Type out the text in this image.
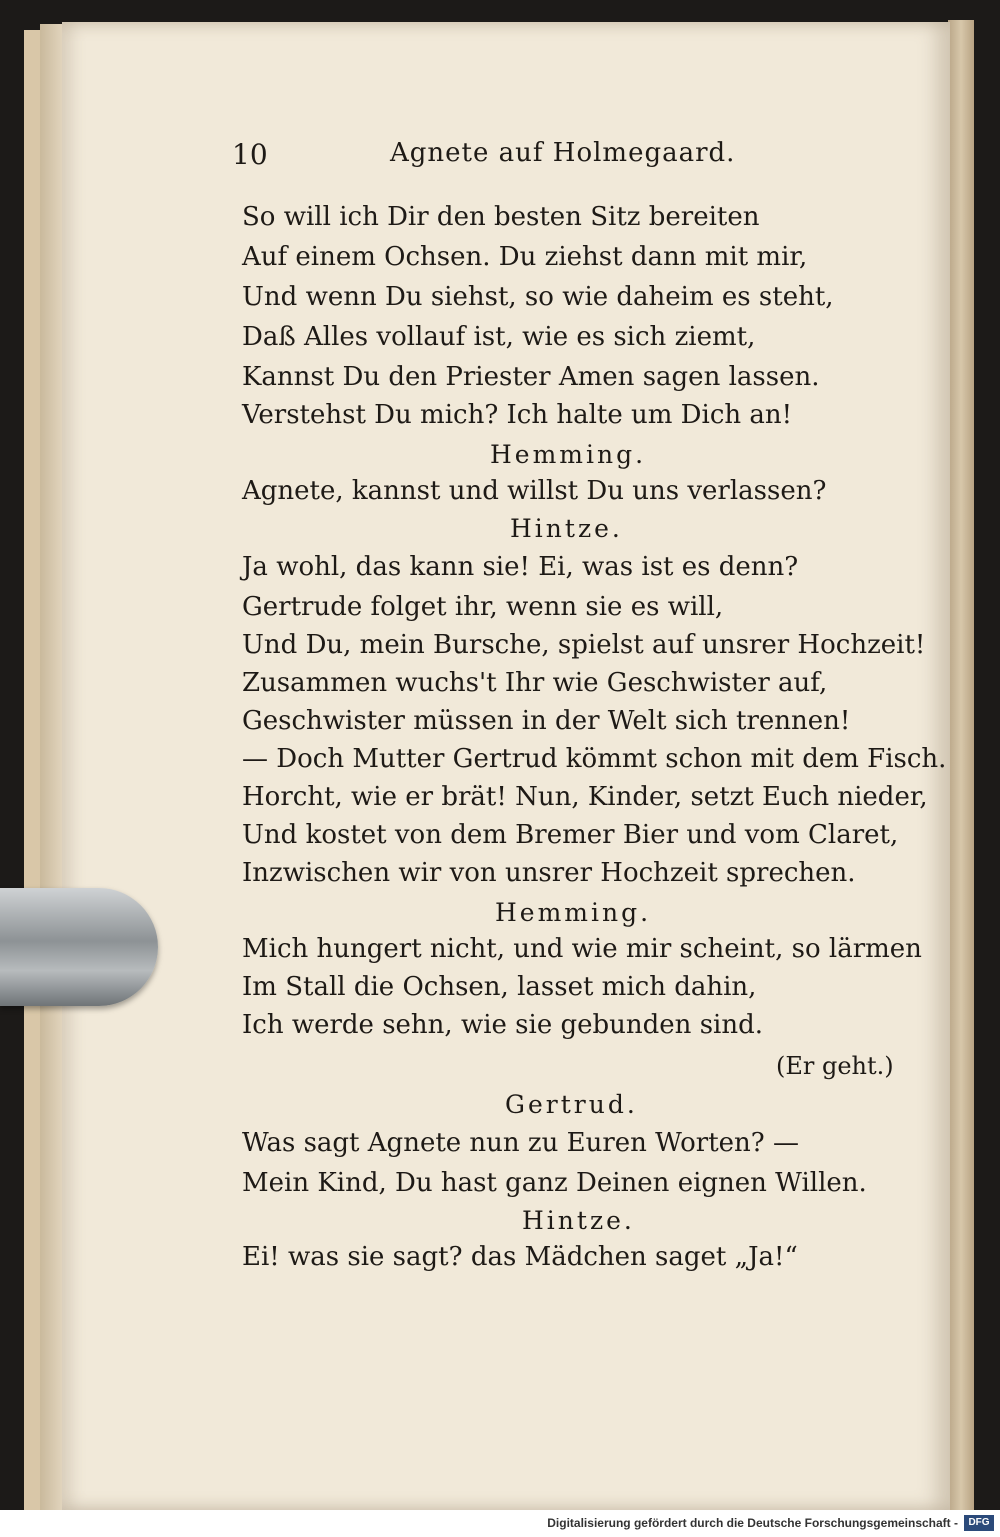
10	Agnete auf Holmegaard.
So will ich Dir den besten Sitz bereiten
Auf einem Ochsen. Du ziehst dann mit mir,
Und wenn Du siehst, so wie daheim es steht,
Daß Alles vollauf ist, wie es sich ziemt,
Kannst Du den Priester Amen sagen lassen.
Verstehst Du mich? Ich halte um Dich an!
Hemming.
Agnete, kannst und willst Du uns verlassen?
Hintze.
Ja wohl, das kann sie! Ei, was ist es denn?
Gertrude folget ihr, wenn sie es will,
Und Du, mein Bursche, spielst auf unsrer Hochzeit!
Zusammen wuchs't Ihr wie Geschwister auf,
Geschwister müssen in der Welt sich trennen!
— Doch Mutter Gertrud kömmt schon mit dem Fisch.
Horcht, wie er brät! Nun, Kinder, setzt Euch nieder,
Und kostet von dem Bremer Bier und vom Claret,
Inzwischen wir von unsrer Hochzeit sprechen.
Hemming.
Mich hungert nicht, und wie mir scheint, so lärmen
Im Stall die Ochsen, lasset mich dahin,
Ich werde sehn, wie sie gebunden sind.
(Er geht.)
Gertrud.
Was sagt Agnete nun zu Euren Worten? —
Mein Kind, Du hast ganz Deinen eignen Willen.
Hintze.
Ei! was sie sagt? das Mädchen saget „Ja!“
Digitalisierung gefördert durch die Deutsche Forschungsgemeinschaft -	DFG
